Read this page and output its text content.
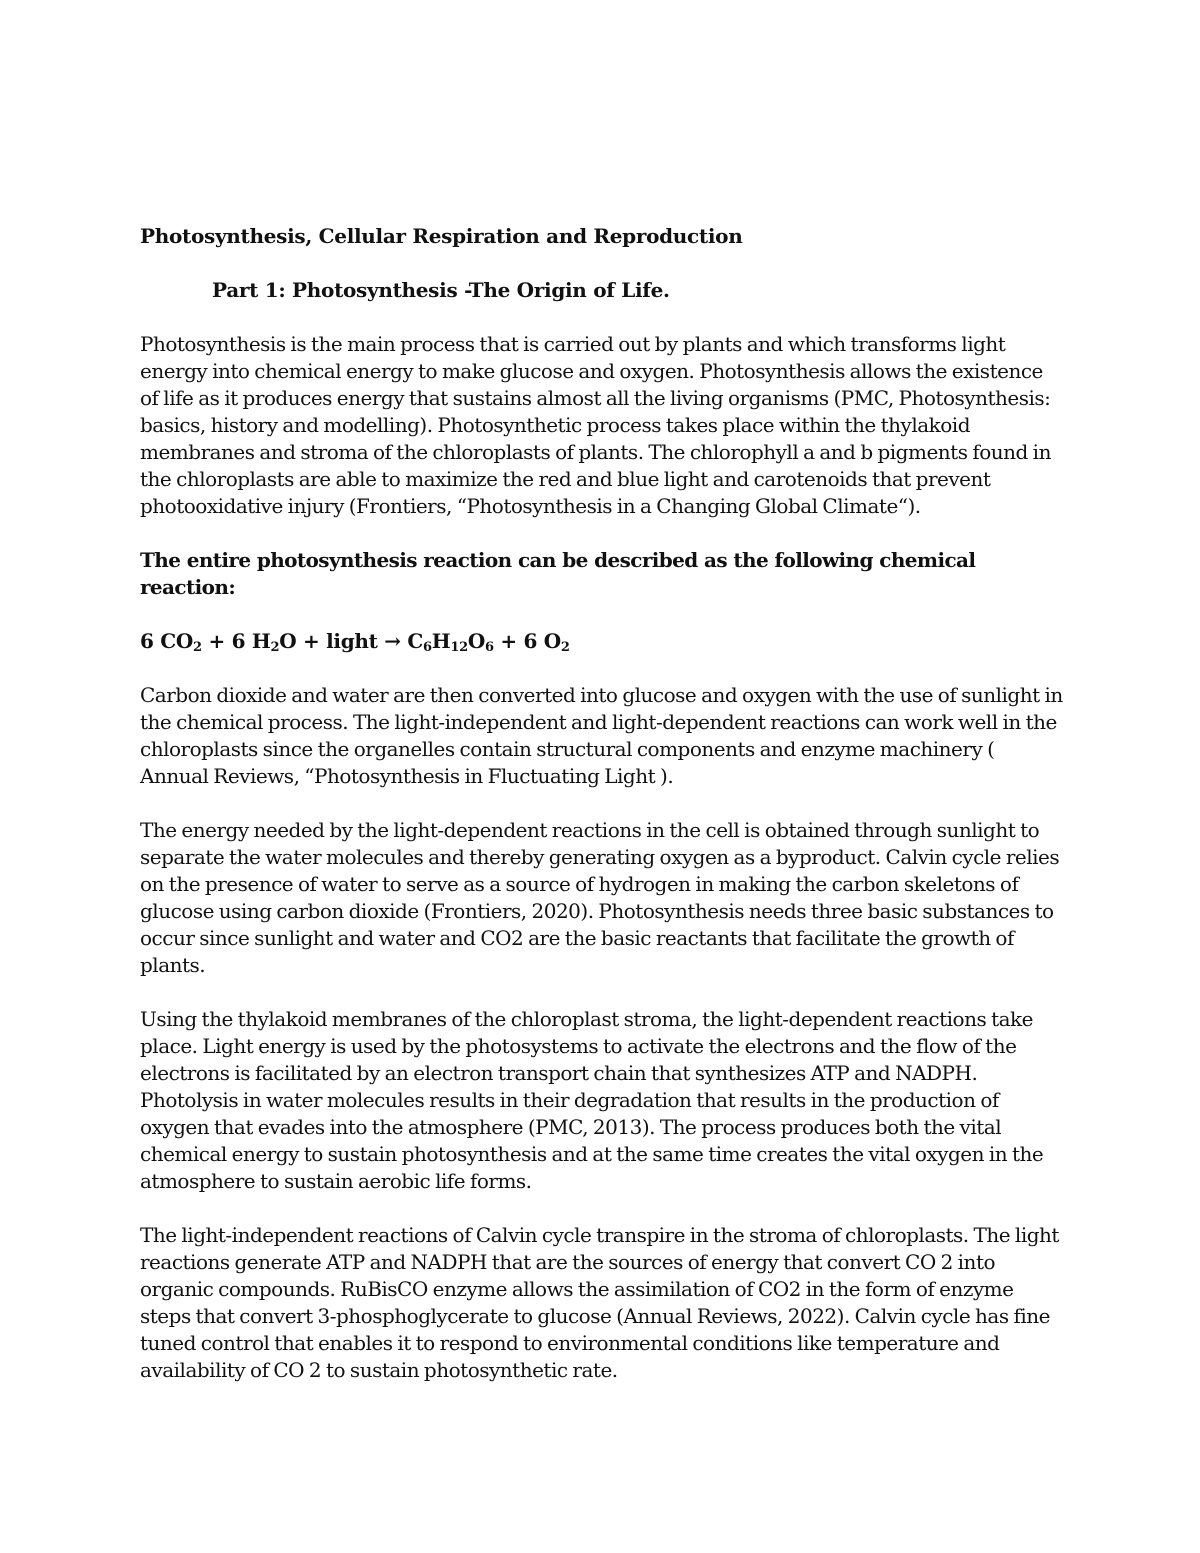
Photosynthesis, Cellular Respiration and Reproduction
Part 1: Photosynthesis -The Origin of Life.

Photosynthesis is the main process that is carried out by plants and which transforms light energy into chemical energy to make glucose and oxygen. Photosynthesis allows the existence of life as it produces energy that sustains almost all the living organisms (PMC, Photosynthesis: basics, history and modelling). Photosynthetic process takes place within the thylakoid membranes and stroma of the chloroplasts of plants. The chlorophyll a and b pigments found in the chloroplasts are able to maximize the red and blue light and carotenoids that prevent photooxidative injury (Frontiers, “Photosynthesis in a Changing Global Climate“).

The entire photosynthesis reaction can be described as the following chemical reaction:
6 $CO_2 + 6$ $H_2O$ + light → $C_6H_{12}O_6 + 6$ $O_2$

Carbon dioxide and water are then converted into glucose and oxygen with the use of sunlight in the chemical process. The light-independent and light-dependent reactions can work well in the chloroplasts since the organelles contain structural components and enzyme machinery ( Annual Reviews, “Photosynthesis in Fluctuating Light ).

The energy needed by the light-dependent reactions in the cell is obtained through sunlight to separate the water molecules and thereby generating oxygen as a byproduct. Calvin cycle relies on the presence of water to serve as a source of hydrogen in making the carbon skeletons of glucose using carbon dioxide (Frontiers, 2020). Photosynthesis needs three basic substances to occur since sunlight and water and CO2 are the basic reactants that facilitate the growth of plants.

Using the thylakoid membranes of the chloroplast stroma, the light-dependent reactions take place. Light energy is used by the photosystems to activate the electrons and the flow of the electrons is facilitated by an electron transport chain that synthesizes ATP and NADPH. Photolysis in water molecules results in their degradation that results in the production of oxygen that evades into the atmosphere (PMC, 2013). The process produces both the vital chemical energy to sustain photosynthesis and at the same time creates the vital oxygen in the atmosphere to sustain aerobic life forms.

The light-independent reactions of Calvin cycle transpire in the stroma of chloroplasts. The light reactions generate ATP and NADPH that are the sources of energy that convert CO 2 into organic compounds. RuBisCO enzyme allows the assimilation of CO2 in the form of enzyme steps that convert 3-phosphoglycerate to glucose (Annual Reviews, 2022). Calvin cycle has fine tuned control that enables it to respond to environmental conditions like temperature and availability of CO 2 to sustain photosynthetic rate.
